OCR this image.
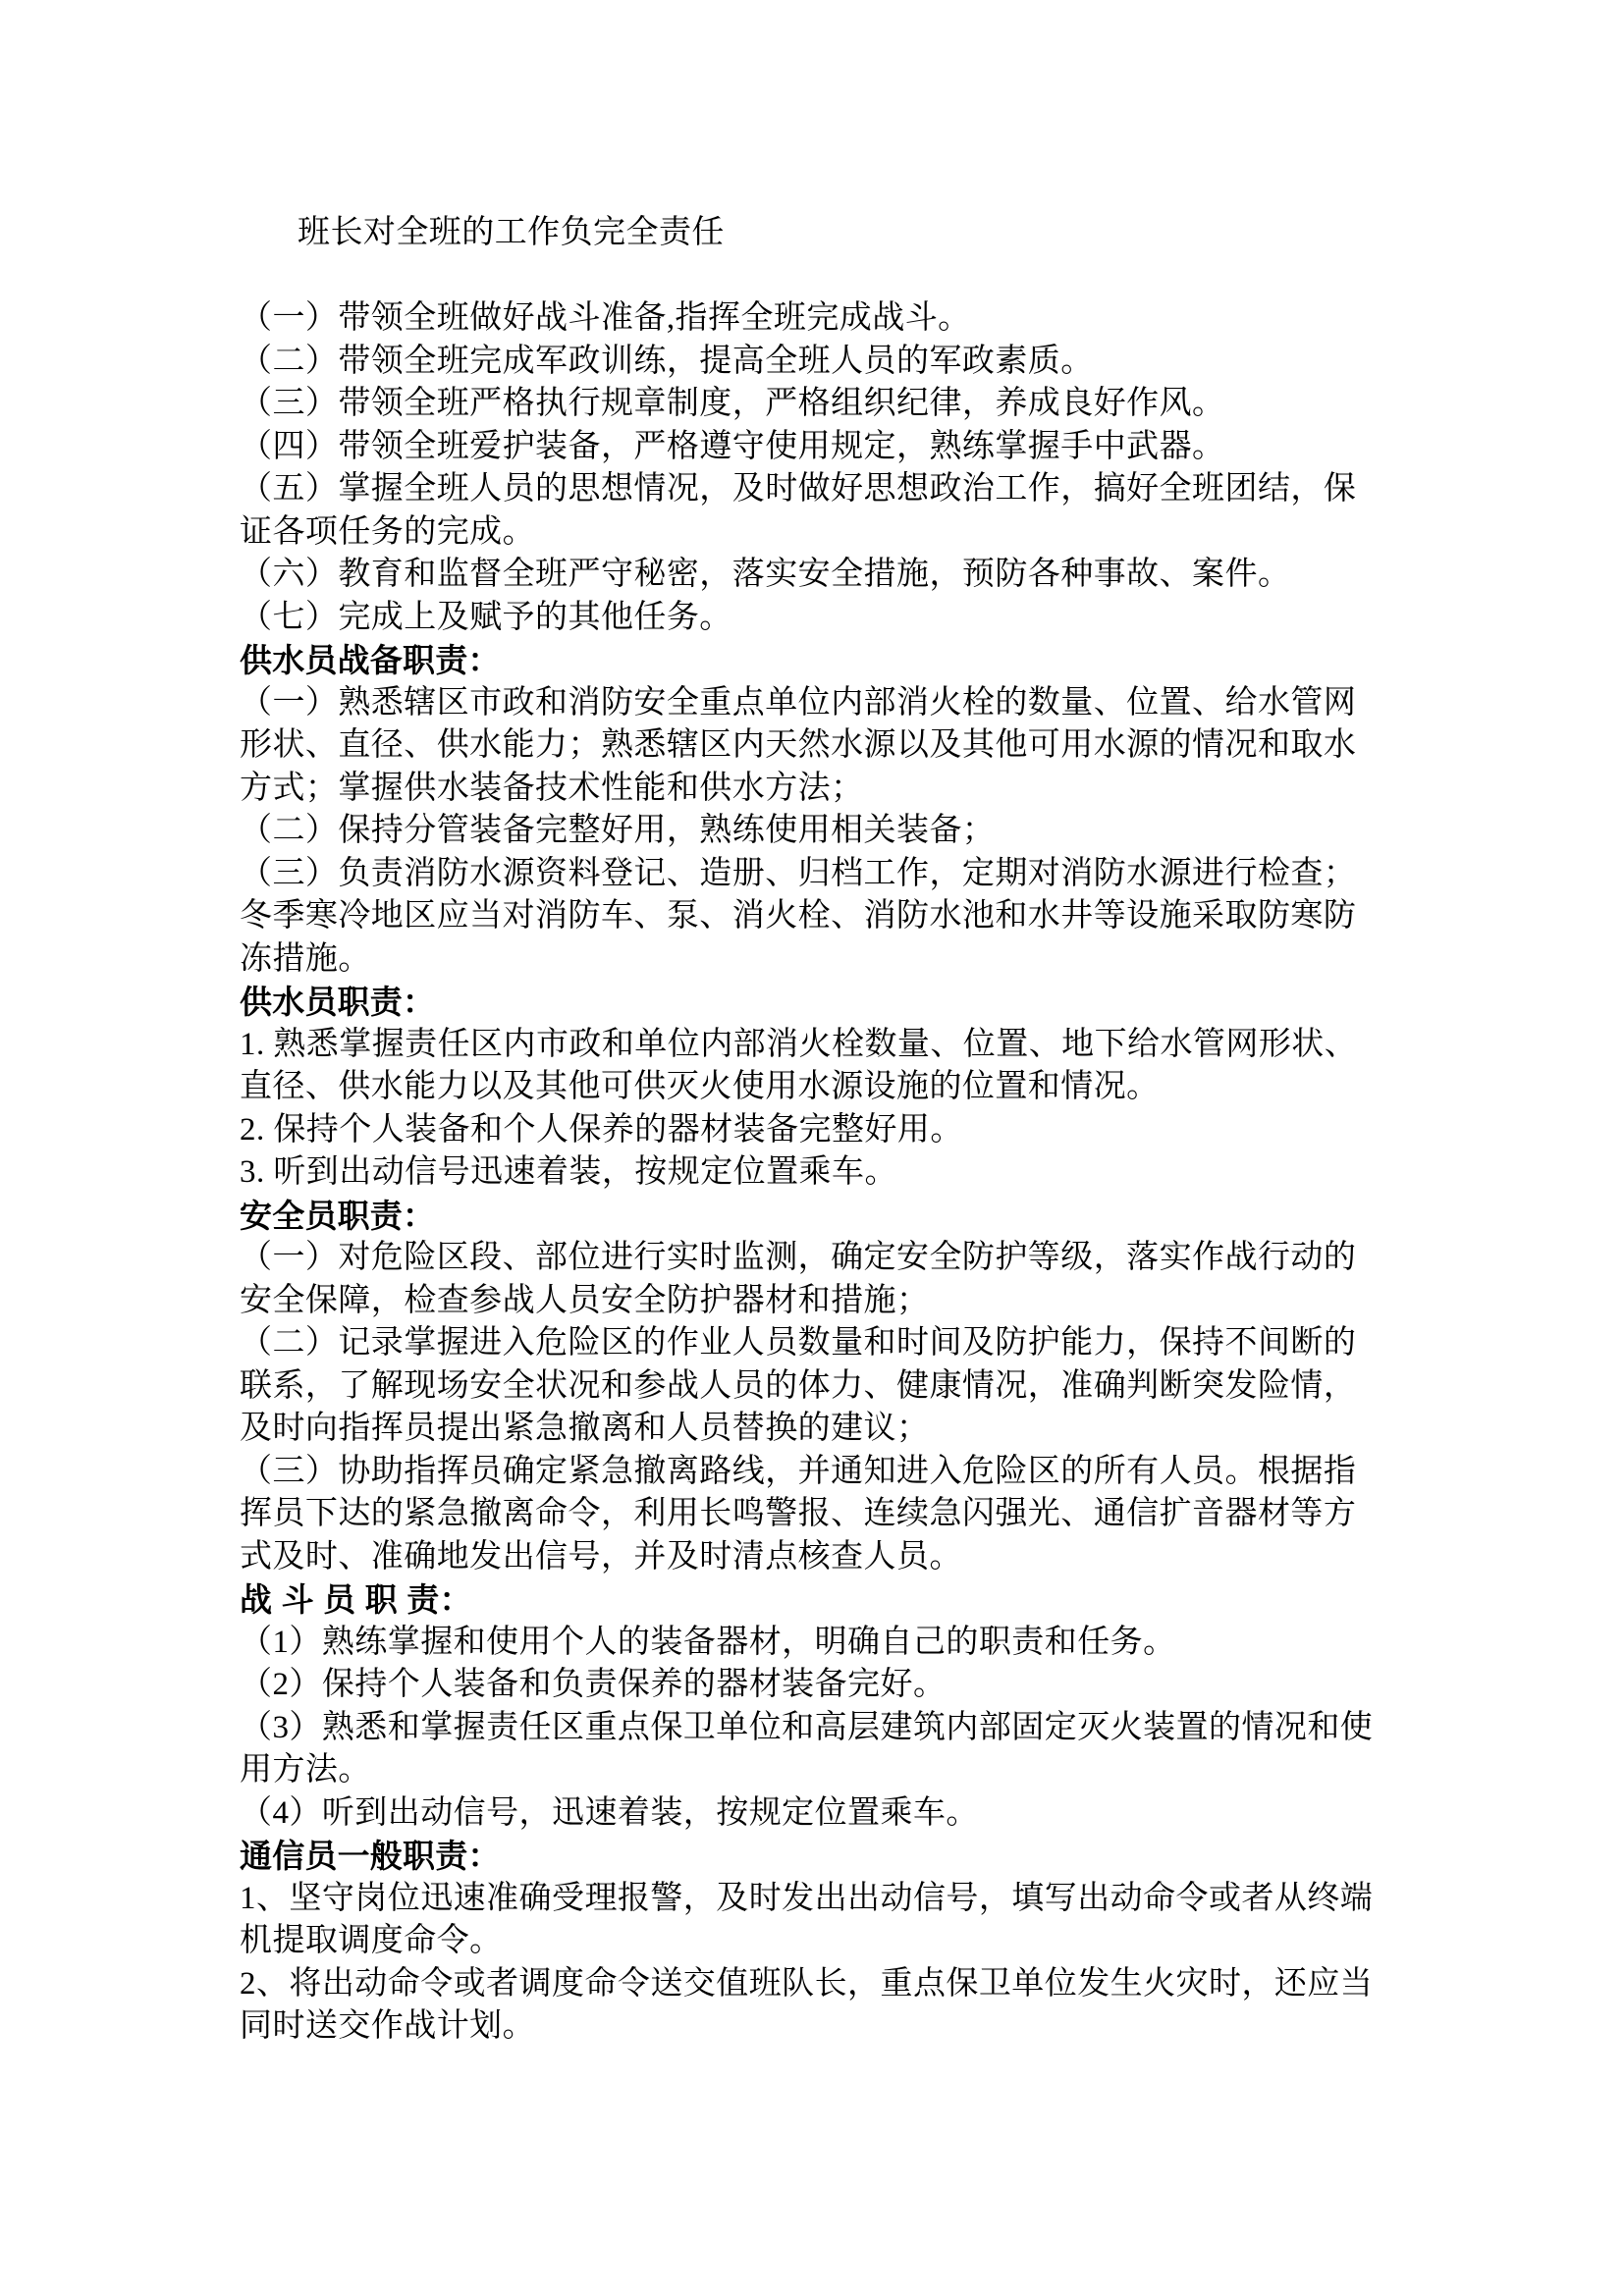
班长对全班的工作负完全责任
（一）带领全班做好战斗准备,指挥全班完成战斗。
（二）带领全班完成军政训练，提高全班人员的军政素质。
（三）带领全班严格执行规章制度，严格组织纪律，养成良好作风。
（四）带领全班爱护装备，严格遵守使用规定，熟练掌握手中武器。
（五）掌握全班人员的思想情况，及时做好思想政治工作，搞好全班团结，保
证各项任务的完成。
（六）教育和监督全班严守秘密，落实安全措施，预防各种事故、案件。
（七）完成上及赋予的其他任务。
供水员战备职责：
（一）熟悉辖区市政和消防安全重点单位内部消火栓的数量、位置、给水管网
形状、直径、供水能力；熟悉辖区内天然水源以及其他可用水源的情况和取水
方式；掌握供水装备技术性能和供水方法；
（二）保持分管装备完整好用，熟练使用相关装备；
（三）负责消防水源资料登记、造册、归档工作，定期对消防水源进行检查；
冬季寒冷地区应当对消防车、泵、消火栓、消防水池和水井等设施采取防寒防
冻措施。
供水员职责：
1. 熟悉掌握责任区内市政和单位内部消火栓数量、位置、地下给水管网形状、
直径、供水能力以及其他可供灭火使用水源设施的位置和情况。
2. 保持个人装备和个人保养的器材装备完整好用。
3. 听到出动信号迅速着装，按规定位置乘车。
安全员职责：
（一）对危险区段、部位进行实时监测，确定安全防护等级，落实作战行动的
安全保障，检查参战人员安全防护器材和措施；
（二）记录掌握进入危险区的作业人员数量和时间及防护能力，保持不间断的
联系，了解现场安全状况和参战人员的体力、健康情况，准确判断突发险情，
及时向指挥员提出紧急撤离和人员替换的建议；
（三）协助指挥员确定紧急撤离路线，并通知进入危险区的所有人员。根据指
挥员下达的紧急撤离命令，利用长鸣警报、连续急闪强光、通信扩音器材等方
式及时、准确地发出信号，并及时清点核查人员。
战 斗 员 职 责：
（1）熟练掌握和使用个人的装备器材，明确自己的职责和任务。
（2）保持个人装备和负责保养的器材装备完好。
（3）熟悉和掌握责任区重点保卫单位和高层建筑内部固定灭火装置的情况和使
用方法。
（4）听到出动信号，迅速着装，按规定位置乘车。
通信员一般职责：
1、坚守岗位迅速准确受理报警，及时发出出动信号，填写出动命令或者从终端
机提取调度命令。
2、将出动命令或者调度命令送交值班队长，重点保卫单位发生火灾时，还应当
同时送交作战计划。
